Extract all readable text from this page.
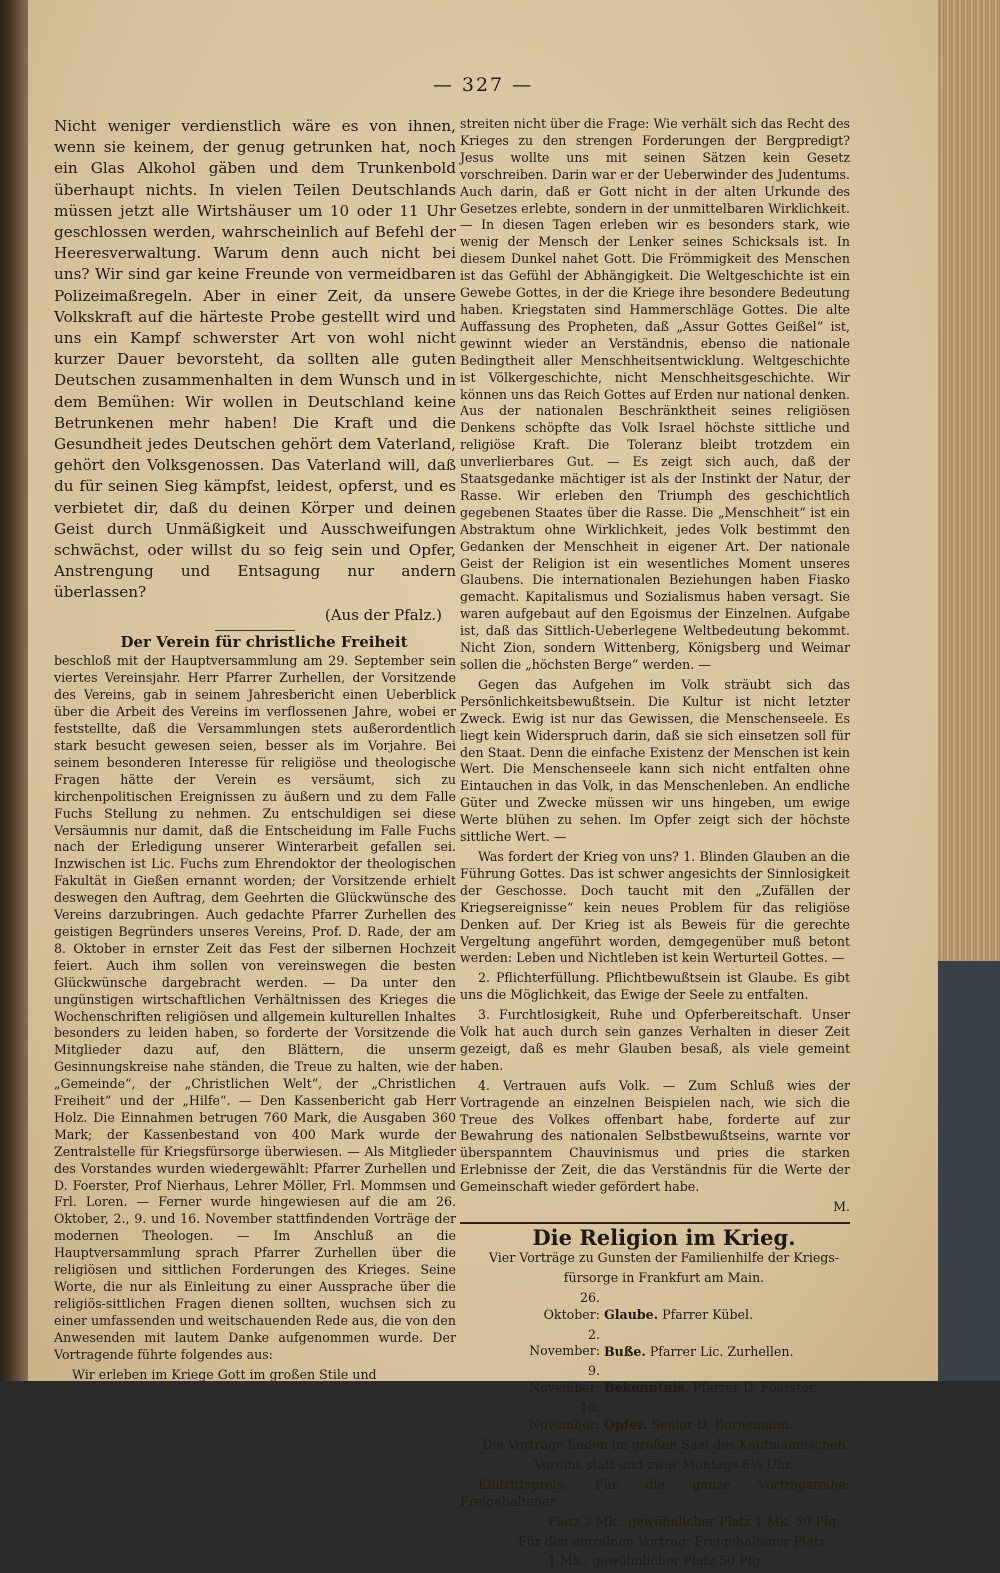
— 327 —

Nicht weniger verdienstlich wäre es von ihnen, wenn sie keinem, der genug getrunken hat, noch ein Glas Alkohol gäben und dem Trunkenbold überhaupt nichts. In vielen Teilen Deutschlands müssen jetzt alle Wirtshäuser um 10 oder 11 Uhr geschlossen werden, wahrscheinlich auf Befehl der Heeresverwaltung. Warum denn auch nicht bei uns? Wir sind gar keine Freunde von vermeidbaren Polizeimaßregeln. Aber in einer Zeit, da unsere Volkskraft auf die härteste Probe gestellt wird und uns ein Kampf schwerster Art von wohl nicht kurzer Dauer bevorsteht, da sollten alle guten Deutschen zusammenhalten in dem Wunsch und in dem Bemühen: Wir wollen in Deutschland keine Betrunkenen mehr haben! Die Kraft und die Gesundheit jedes Deutschen gehört dem Vaterland, gehört den Volksgenossen. Das Vaterland will, daß du für seinen Sieg kämpfst, leidest, opferst, und es verbietet dir, daß du deinen Körper und deinen Geist durch Unmäßigkeit und Ausschweifungen schwächst, oder willst du so feig sein und Opfer, Anstrengung und Entsagung nur andern überlassen?

(Aus der Pfalz.)

Der Verein für christliche Freiheit

beschloß mit der Hauptversammlung am 29. September sein viertes Vereinsjahr. Herr Pfarrer Zurhellen, der Vorsitzende des Vereins, gab in seinem Jahresbericht einen Ueberblick über die Arbeit des Vereins im verflossenen Jahre, wobei er feststellte, daß die Versammlungen stets außerordentlich stark besucht gewesen seien, besser als im Vorjahre. Bei seinem besonderen Interesse für religiöse und theologische Fragen hätte der Verein es versäumt, sich zu kirchenpolitischen Ereignissen zu äußern und zu dem Falle Fuchs Stellung zu nehmen. Zu entschuldigen sei diese Versäumnis nur damit, daß die Entscheidung im Falle Fuchs nach der Erledigung unserer Winterarbeit gefallen sei. Inzwischen ist Lic. Fuchs zum Ehrendoktor der theologischen Fakultät in Gießen ernannt worden; der Vorsitzende erhielt deswegen den Auftrag, dem Geehrten die Glückwünsche des Vereins darzubringen. Auch gedachte Pfarrer Zurhellen des geistigen Begründers unseres Vereins, Prof. D. Rade, der am 8. Oktober in ernster Zeit das Fest der silbernen Hochzeit feiert. Auch ihm sollen von vereinswegen die besten Glückwünsche dargebracht werden. — Da unter den ungünstigen wirtschaftlichen Verhältnissen des Krieges die Wochenschriften religiösen und allgemein kulturellen Inhaltes besonders zu leiden haben, so forderte der Vorsitzende die Mitglieder dazu auf, den Blättern, die unserm Gesinnungskreise nahe ständen, die Treue zu halten, wie der „Gemeinde“, der „Christlichen Welt“, der „Christlichen Freiheit“ und der „Hilfe“. — Den Kassenbericht gab Herr Holz. Die Einnahmen betrugen 760 Mark, die Ausgaben 360 Mark; der Kassenbestand von 400 Mark wurde der Zentralstelle für Kriegsfürsorge überwiesen. — Als Mitglieder des Vorstandes wurden wiedergewählt: Pfarrer Zurhellen und D. Foerster, Prof Nierhaus, Lehrer Möller, Frl. Mommsen und Frl. Loren. — Ferner wurde hingewiesen auf die am 26. Oktober, 2., 9. und 16. November stattfindenden Vorträge der modernen Theologen. — Im Anschluß an die Hauptversammlung sprach Pfarrer Zurhellen über die religiösen und sittlichen Forderungen des Krieges. Seine Worte, die nur als Einleitung zu einer Aussprache über die religiös-sittlichen Fragen dienen sollten, wuchsen sich zu einer umfassenden und weitschauenden Rede aus, die von den Anwesenden mit lautem Danke aufgenommen wurde. Der Vortragende führte folgendes aus:

Wir erleben im Kriege Gott im großen Stile und

streiten nicht über die Frage: Wie verhält sich das Recht des Krieges zu den strengen Forderungen der Bergpredigt? Jesus wollte uns mit seinen Sätzen kein Gesetz vorschreiben. Darin war er der Ueberwinder des Judentums. Auch darin, daß er Gott nicht in der alten Urkunde des Gesetzes erlebte, sondern in der unmittelbaren Wirklichkeit. — In diesen Tagen erleben wir es besonders stark, wie wenig der Mensch der Lenker seines Schicksals ist. In diesem Dunkel nahet Gott. Die Frömmigkeit des Menschen ist das Gefühl der Abhängigkeit. Die Weltgeschichte ist ein Gewebe Gottes, in der die Kriege ihre besondere Bedeutung haben. Kriegstaten sind Hammerschläge Gottes. Die alte Auffassung des Propheten, daß „Assur Gottes Geißel“ ist, gewinnt wieder an Verständnis, ebenso die nationale Bedingtheit aller Menschheitsentwicklung. Weltgeschichte ist Völkergeschichte, nicht Menschheitsgeschichte. Wir können uns das Reich Gottes auf Erden nur national denken. Aus der nationalen Beschränktheit seines religiösen Denkens schöpfte das Volk Israel höchste sittliche und religiöse Kraft. Die Toleranz bleibt trotzdem ein unverlierbares Gut. — Es zeigt sich auch, daß der Staatsgedanke mächtiger ist als der Instinkt der Natur, der Rasse. Wir erleben den Triumph des geschichtlich gegebenen Staates über die Rasse. Die „Menschheit“ ist ein Abstraktum ohne Wirklichkeit, jedes Volk bestimmt den Gedanken der Menschheit in eigener Art. Der nationale Geist der Religion ist ein wesentliches Moment unseres Glaubens. Die internationalen Beziehungen haben Fiasko gemacht. Kapitalismus und Sozialismus haben versagt. Sie waren aufgebaut auf den Egoismus der Einzelnen. Aufgabe ist, daß das Sittlich-Ueberlegene Weltbedeutung bekommt. Nicht Zion, sondern Wittenberg, Königsberg und Weimar sollen die „höchsten Berge“ werden. —

Gegen das Aufgehen im Volk sträubt sich das Persönlichkeitsbewußtsein. Die Kultur ist nicht letzter Zweck. Ewig ist nur das Gewissen, die Menschenseele. Es liegt kein Widerspruch darin, daß sie sich einsetzen soll für den Staat. Denn die einfache Existenz der Menschen ist kein Wert. Die Menschenseele kann sich nicht entfalten ohne Eintauchen in das Volk, in das Menschenleben. An endliche Güter und Zwecke müssen wir uns hingeben, um ewige Werte blühen zu sehen. Im Opfer zeigt sich der höchste sittliche Wert. —

Was fordert der Krieg von uns? 1. Blinden Glauben an die Führung Gottes. Das ist schwer angesichts der Sinnlosigkeit der Geschosse. Doch taucht mit den „Zufällen der Kriegsereignisse“ kein neues Problem für das religiöse Denken auf. Der Krieg ist als Beweis für die gerechte Vergeltung angeführt worden, demgegenüber muß betont werden: Leben und Nichtleben ist kein Werturteil Gottes. —

2. Pflichterfüllung. Pflichtbewußtsein ist Glaube. Es gibt uns die Möglichkeit, das Ewige der Seele zu entfalten.

3. Furchtlosigkeit, Ruhe und Opferbereitschaft. Unser Volk hat auch durch sein ganzes Verhalten in dieser Zeit gezeigt, daß es mehr Glauben besaß, als viele gemeint haben.

4. Vertrauen aufs Volk. — Zum Schluß wies der Vortragende an einzelnen Beispielen nach, wie sich die Treue des Volkes offenbart habe, forderte auf zur Bewahrung des nationalen Selbstbewußtseins, warnte vor überspanntem Chauvinismus und pries die starken Erlebnisse der Zeit, die das Verständnis für die Werte der Gemeinschaft wieder gefördert habe.

M.

Die Religion im Krieg.

Vier Vorträge zu Gunsten der Familienhilfe der Kriegs-

fürsorge in Frankfurt am Main.

26. Oktober: Glaube. Pfarrer Kübel.

2. November: Buße. Pfarrer Lic. Zurhellen.

9. November: Bekenntnis. Pfarrer D. Foerster.

16. November: Opfer. Senior D. Bornemann.

Die Vorträge finden im großen Saal des Kaufmännischen

Vereins statt und zwar Montags 8½ Uhr.

Eintrittspreis: Für die ganze Vortragsreihe: Freigehaltener

Platz 3 Mk., gewöhnlicher Platz 1 Mk. 50 Pfg.

Für den einzelnen Vortrag: Freigehaltener Platz

1 Mk., gewöhnlicher Platz 50 Pfg.
